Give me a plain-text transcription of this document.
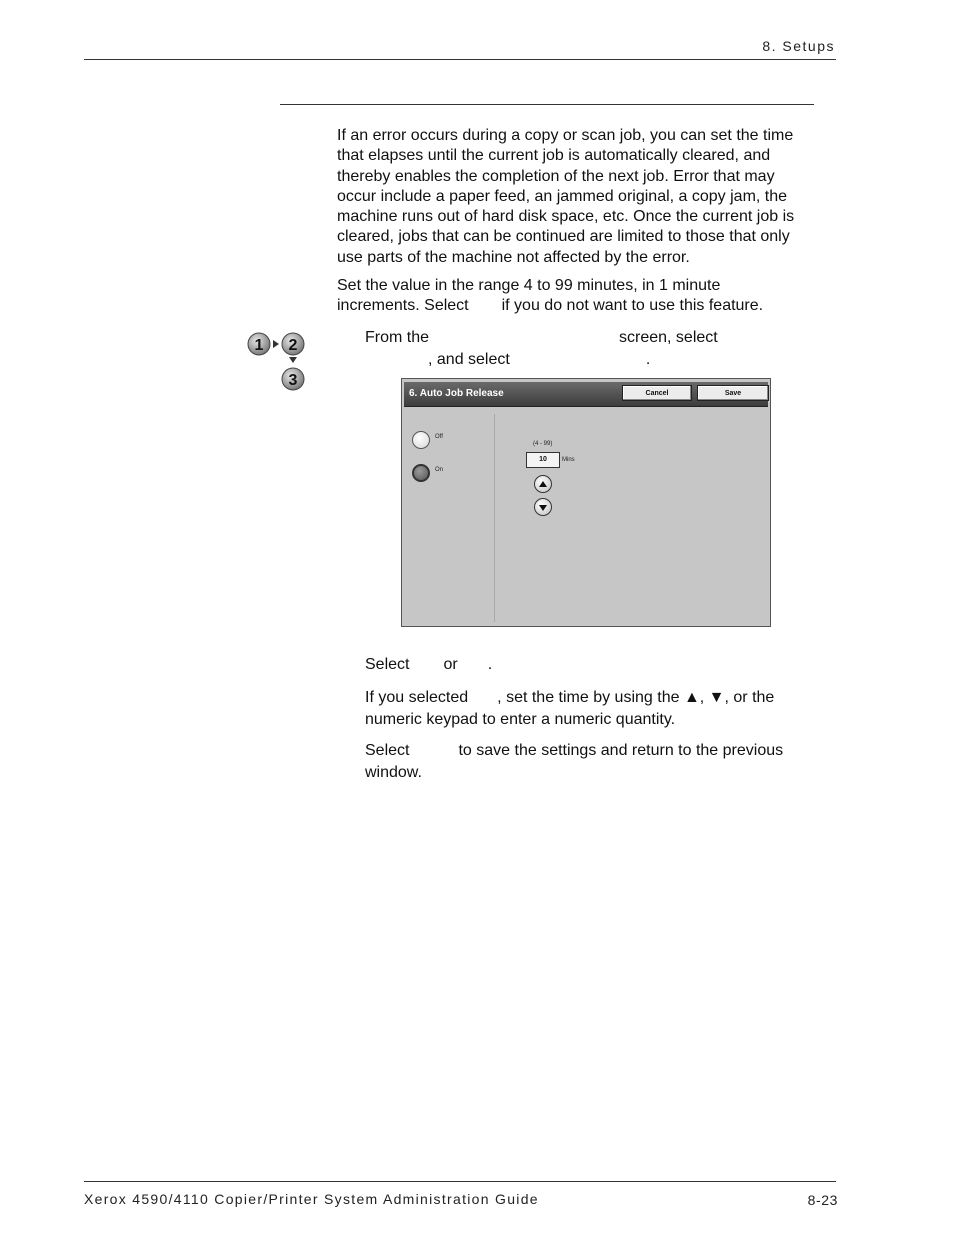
8. Setups

If an error occurs during a copy or scan job, you can set the time

that elapses until the current job is automatically cleared, and

thereby enables the completion of the next job. Error that may

occur include a paper feed, an jammed original, a copy jam, the

machine runs out of hard disk space, etc. Once the current job is

cleared, jobs that can be continued are limited to those that only

use parts of the machine not affected by the error.

Set the value in the range 4 to 99 minutes, in 1 minute

increments. Select if you do not want to use this feature.

1 2
3

From the	screen, select

, and select	.

6. Auto Job Release	Cancel	Save
Off
On
(4 - 99)
10	Mins
Select or .

If you selected , set the time by using the ▲, ▼, or the

numeric keypad to enter a numeric quantity.

Select	to save the settings and return to the previous

window.

Xerox 4590/4110 Copier/Printer System Administration Guide	8-23
